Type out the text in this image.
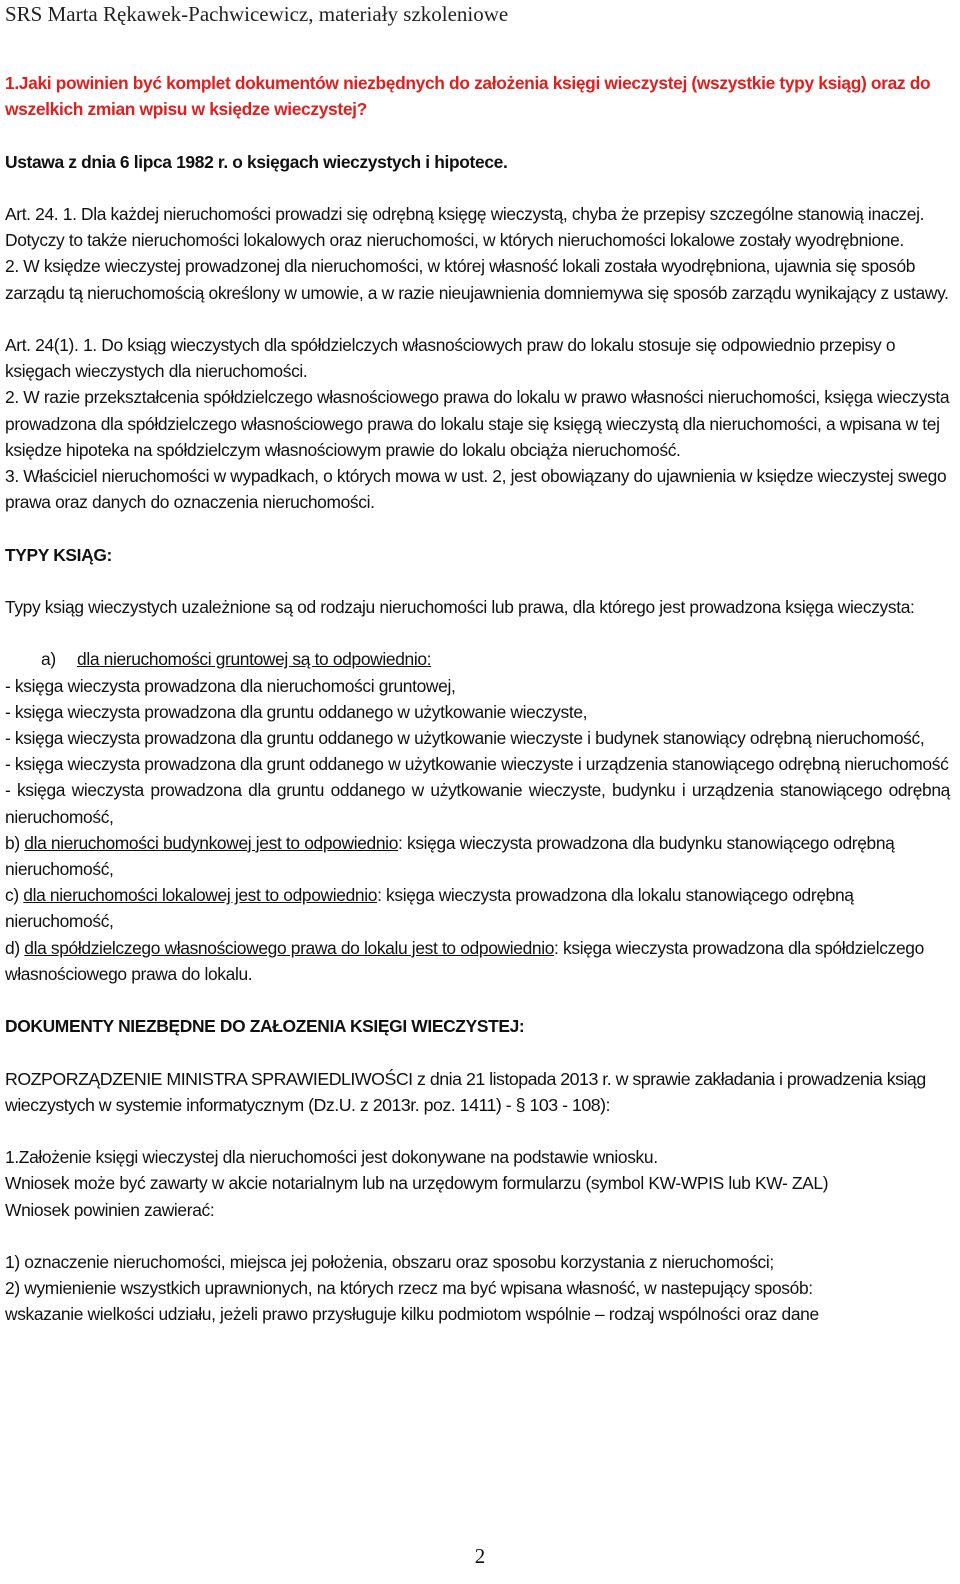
SRS Marta Rękawek-Pachwicewicz, materiały szkoleniowe

1.Jaki powinien być komplet dokumentów niezbędnych do założenia księgi wieczystej (wszystkie typy ksiąg) oraz do wszelkich zmian wpisu w księdze wieczystej?

Ustawa z dnia 6 lipca 1982 r. o księgach wieczystych i hipotece.

Art. 24. 1. Dla każdej nieruchomości prowadzi się odrębną księgę wieczystą, chyba że przepisy szczególne stanowią inaczej. Dotyczy to także nieruchomości lokalowych oraz nieruchomości, w których nieruchomości lokalowe zostały wyodrębnione.

2. W księdze wieczystej prowadzonej dla nieruchomości, w której własność lokali została wyodrębniona, ujawnia się sposób zarządu tą nieruchomością określony w umowie, a w razie nieujawnienia domniemywa się sposób zarządu wynikający z ustawy.

Art. 24(1). 1. Do ksiąg wieczystych dla spółdzielczych własnościowych praw do lokalu stosuje się odpowiednio przepisy o księgach wieczystych dla nieruchomości.

2. W razie przekształcenia spółdzielczego własnościowego prawa do lokalu w prawo własności nieruchomości, księga wieczysta prowadzona dla spółdzielczego własnościowego prawa do lokalu staje się księgą wieczystą dla nieruchomości, a wpisana w tej księdze hipoteka na spółdzielczym własnościowym prawie do lokalu obciąża nieruchomość.

3. Właściciel nieruchomości w wypadkach, o których mowa w ust. 2, jest obowiązany do ujawnienia w księdze wieczystej swego prawa oraz danych do oznaczenia nieruchomości.

TYPY KSIĄG:

Typy ksiąg wieczystych uzależnione są od rodzaju nieruchomości lub prawa, dla którego jest prowadzona księga wieczysta:

a) dla nieruchomości gruntowej są to odpowiednio:

- księga wieczysta prowadzona dla nieruchomości gruntowej,

- księga wieczysta prowadzona dla gruntu oddanego w użytkowanie wieczyste,

- księga wieczysta prowadzona dla gruntu oddanego w użytkowanie wieczyste i budynek stanowiący odrębną nieruchomość,

- księga wieczysta prowadzona dla grunt oddanego w użytkowanie wieczyste i urządzenia stanowiącego odrębną nieruchomość

- księga wieczysta prowadzona dla gruntu oddanego w użytkowanie wieczyste, budynku i urządzenia stanowiącego odrębną nieruchomość,

b) dla nieruchomości budynkowej jest to odpowiednio: księga wieczysta prowadzona dla budynku stanowiącego odrębną nieruchomość,

c) dla nieruchomości lokalowej jest to odpowiednio: księga wieczysta prowadzona dla lokalu stanowiącego odrębną nieruchomość,

d) dla spółdzielczego własnościowego prawa do lokalu jest to odpowiednio: księga wieczysta prowadzona dla spółdzielczego własnościowego prawa do lokalu.

DOKUMENTY NIEZBĘDNE DO ZAŁOZENIA KSIĘGI WIECZYSTEJ:

ROZPORZĄDZENIE MINISTRA SPRAWIEDLIWOŚCI z dnia 21 listopada 2013 r. w sprawie zakładania i prowadzenia ksiąg wieczystych w systemie informatycznym (Dz.U. z 2013r. poz. 1411) - § 103 - 108):

1.Założenie księgi wieczystej dla nieruchomości jest dokonywane na podstawie wniosku.

Wniosek może być zawarty w akcie notarialnym lub na urzędowym formularzu (symbol KW-WPIS lub KW- ZAL)

Wniosek powinien zawierać:

1) oznaczenie nieruchomości, miejsca jej położenia, obszaru oraz sposobu korzystania z nieruchomości;

2) wymienienie wszystkich uprawnionych, na których rzecz ma być wpisana własność, w nastepujący sposób:

wskazanie wielkości udziału, jeżeli prawo przysługuje kilku podmiotom wspólnie – rodzaj wspólności oraz dane

2
